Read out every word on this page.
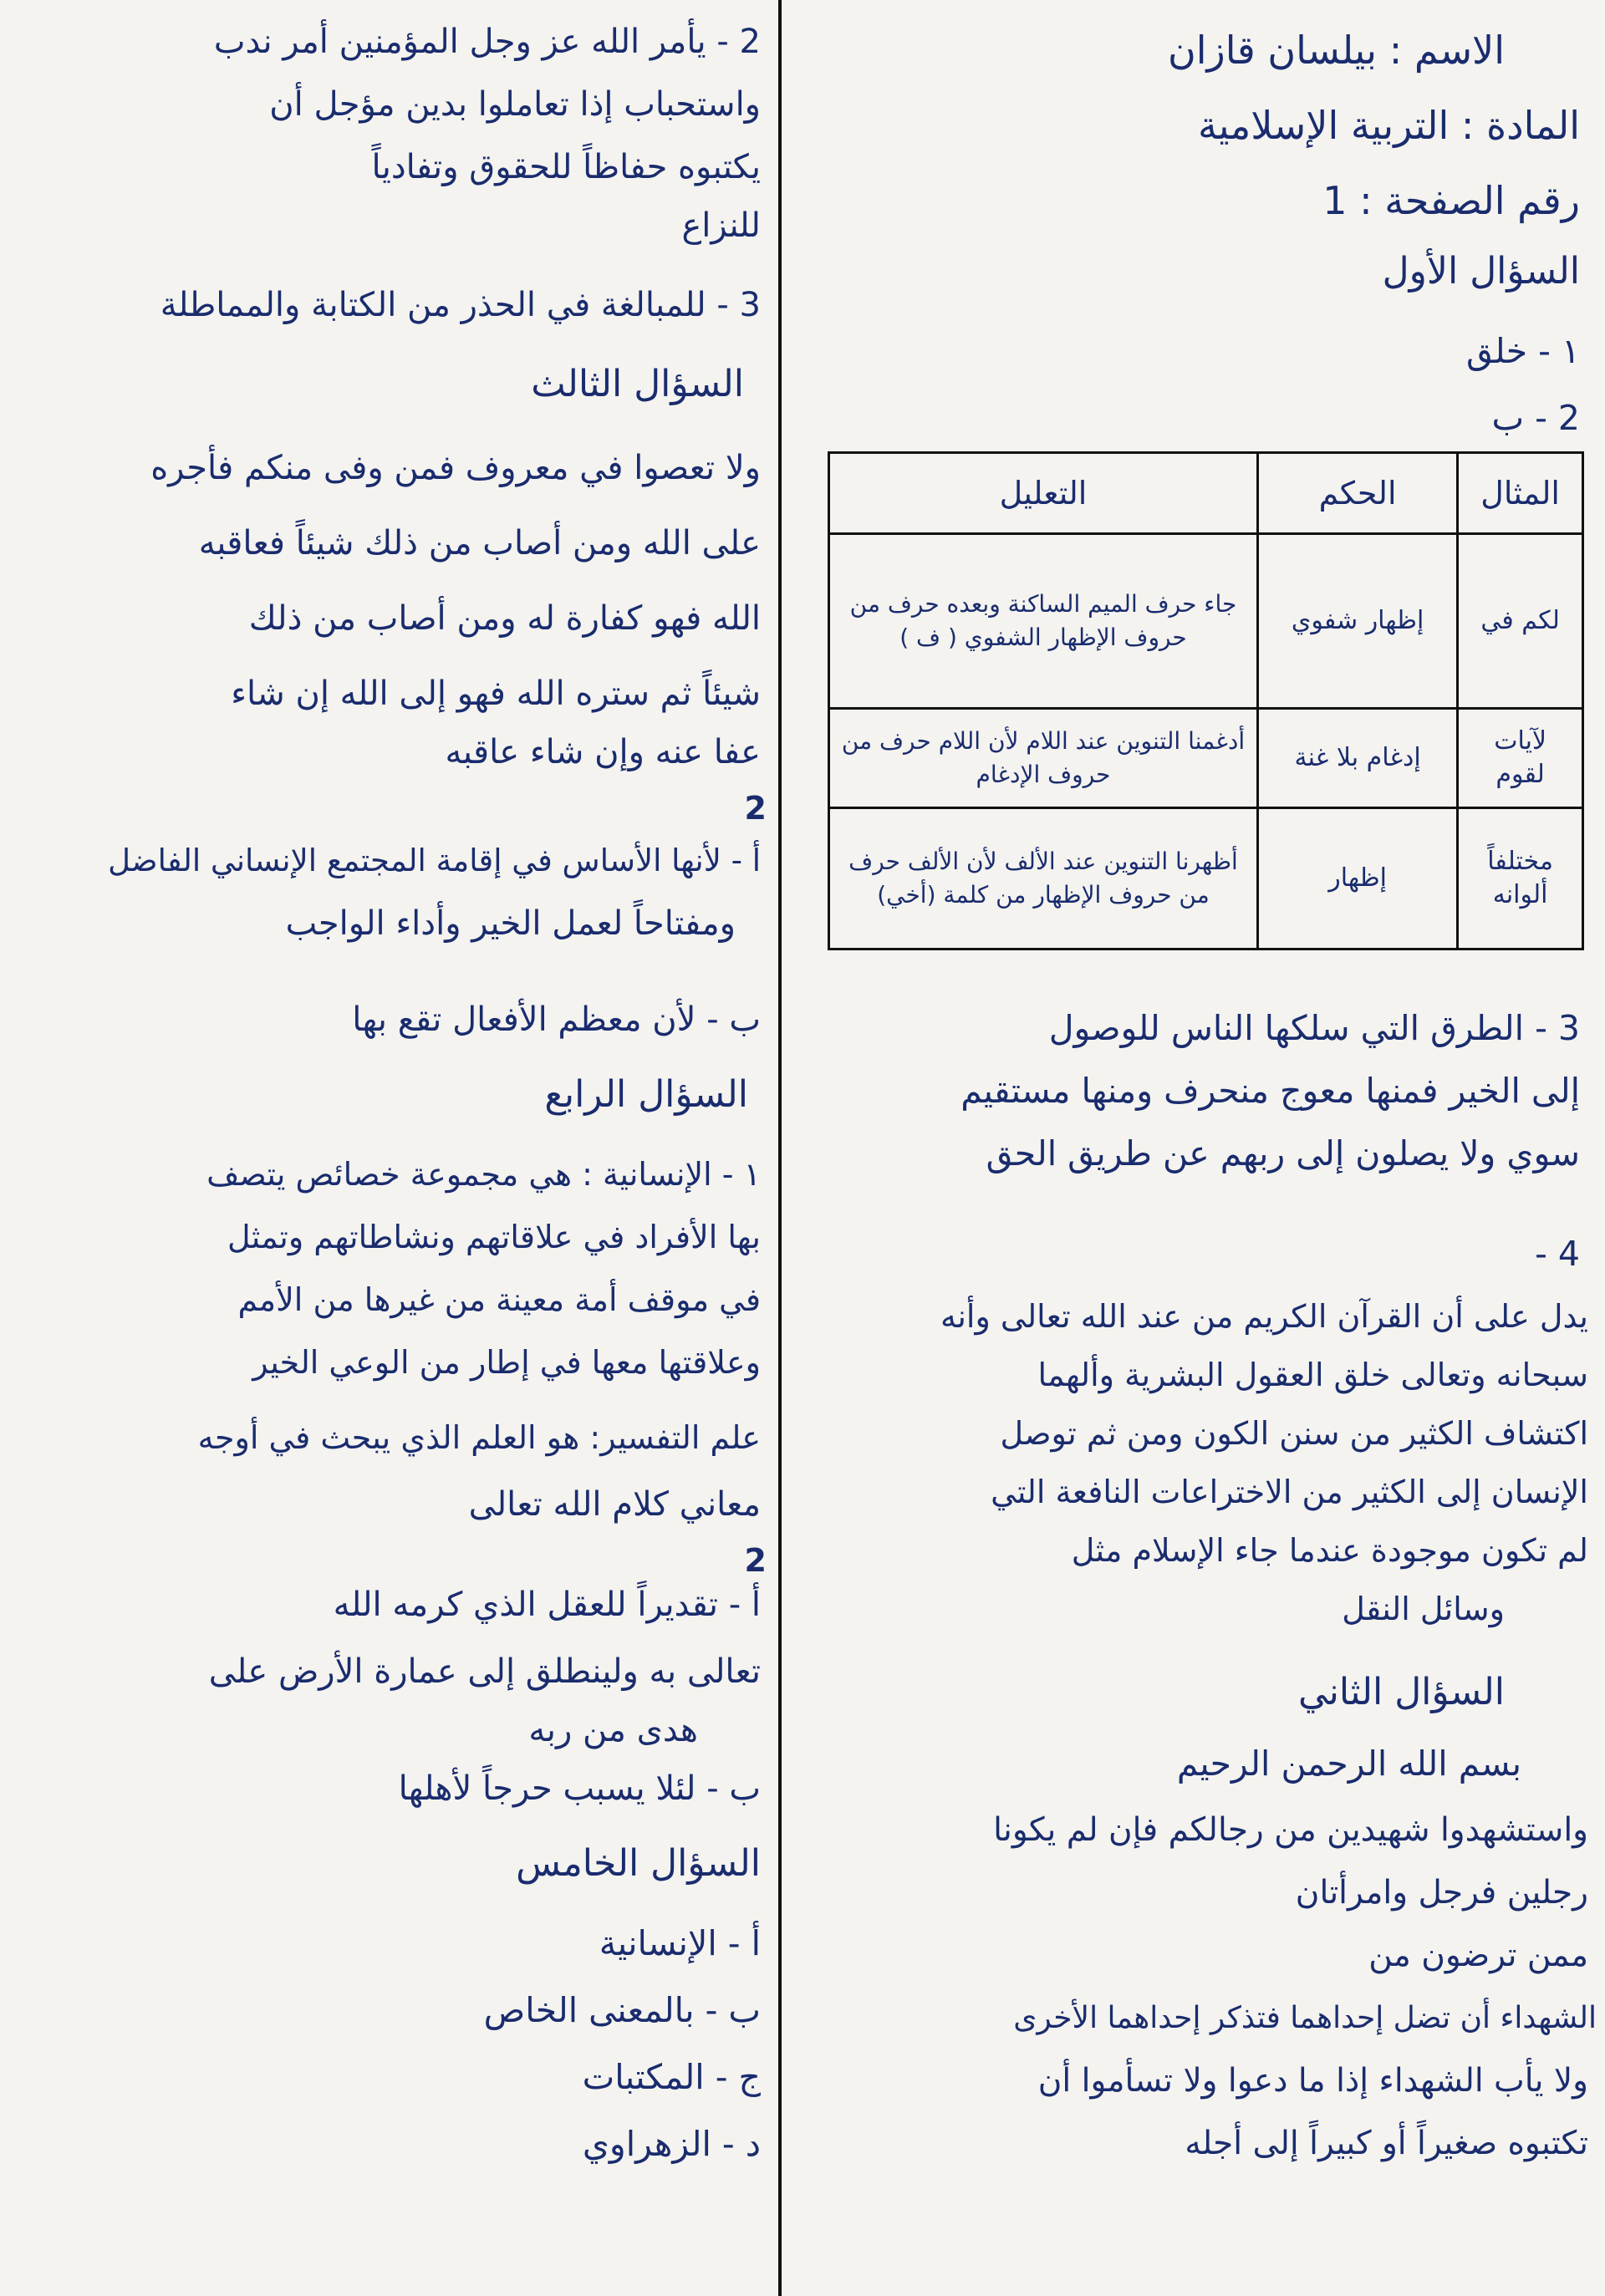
الاسم : بيلسان قازان
المادة : التربية الإسلامية
رقم الصفحة : 1
السؤال الأول
١ - خلق
2 - ب
3 - الطرق التي سلكها الناس للوصول
إلى الخير فمنها معوج منحرف ومنها مستقيم
سوي ولا يصلون إلى ربهم عن طريق الحق
4 -
يدل على أن القرآن الكريم من عند الله تعالى وأنه
سبحانه وتعالى خلق العقول البشرية وألهما
اكتشاف الكثير من سنن الكون ومن ثم توصل
الإنسان إلى الكثير من الاختراعات النافعة التي
لم تكون موجودة عندما جاء الإسلام مثل
وسائل النقل
السؤال الثاني
بسم الله الرحمن الرحيم
واستشهدوا شهيدين من رجالكم فإن لم يكونا
رجلين فرجل وامرأتان
ممن ترضون من
الشهداء أن تضل إحداهما فتذكر إحداهما الأخرى
ولا يأب الشهداء إذا ما دعوا ولا تسأموا أن
تكتبوه صغيراً أو كبيراً إلى أجله
المثال	الحكم	التعليل
لكم في	إظهار شفوي	جاء حرف الميم الساكنة وبعده حرف من حروف الإظهار الشفوي ( ف )
لآيات لقوم	إدغام بلا غنة	أدغمنا التنوين عند اللام لأن اللام حرف من حروف الإدغام
مختلفاً ألوانه	إظهار	أظهرنا التنوين عند الألف لأن الألف حرف من حروف الإظهار من كلمة (أخي)
2 - يأمر الله عز وجل المؤمنين أمر ندب
واستحباب إذا تعاملوا بدين مؤجل أن
يكتبوه حفاظاً للحقوق وتفادياً
للنزاع
3 - للمبالغة في الحذر من الكتابة والمماطلة
السؤال الثالث
ولا تعصوا في معروف فمن وفى منكم فأجره
على الله ومن أصاب من ذلك شيئاً فعاقبه
الله فهو كفارة له ومن أصاب من ذلك
شيئاً ثم ستره الله فهو إلى الله إن شاء
عفا عنه وإن شاء عاقبه
2
أ - لأنها الأساس في إقامة المجتمع الإنساني الفاضل
ومفتاحاً لعمل الخير وأداء الواجب
ب - لأن معظم الأفعال تقع بها
السؤال الرابع
١ - الإنسانية : هي مجموعة خصائص يتصف
بها الأفراد في علاقاتهم ونشاطاتهم وتمثل
في موقف أمة معينة من غيرها من الأمم
وعلاقتها معها في إطار من الوعي الخير
علم التفسير: هو العلم الذي يبحث في أوجه
معاني كلام الله تعالى
2
أ - تقديراً للعقل الذي كرمه الله
تعالى به ولينطلق إلى عمارة الأرض على
هدى من ربه
ب - لئلا يسبب حرجاً لأهلها
السؤال الخامس
أ - الإنسانية
ب - بالمعنى الخاص
ج - المكتبات
د - الزهراوي
